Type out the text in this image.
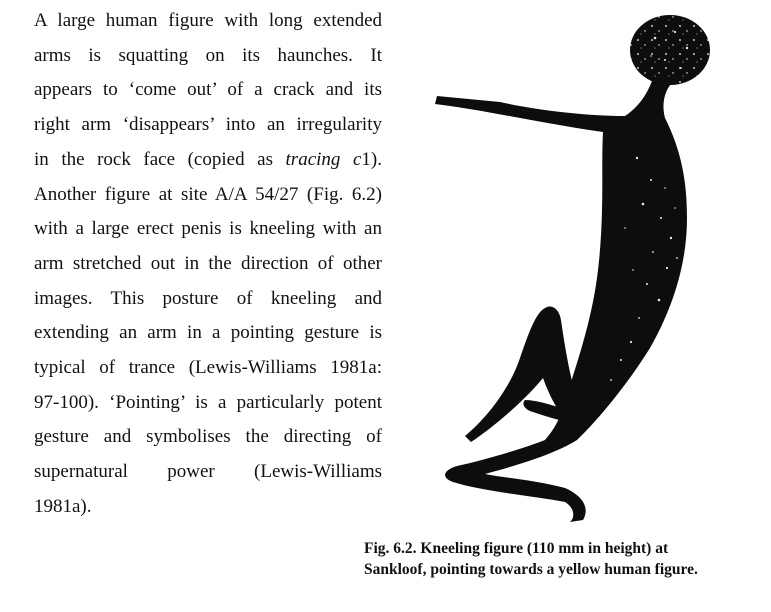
A large human figure with long extended
arms is squatting on its haunches. It
appears to ‘come out’ of a crack and its
right arm ‘disappears’ into an irregularity
in the rock face (copied as tracing c1).
Another figure at site A/A 54/27 (Fig. 6.2)
with a large erect penis is kneeling with an
arm stretched out in the direction of other
images. This posture of kneeling and
extending an arm in a pointing gesture is
typical of trance (Lewis-Williams 1981a:
97-100). ‘Pointing’ is a particularly potent
gesture and symbolises the directing of
supernatural power (Lewis-Williams
1981a).
Fig. 6.2. Kneeling figure (110 mm in height) at
Sankloof, pointing towards a yellow human figure.
